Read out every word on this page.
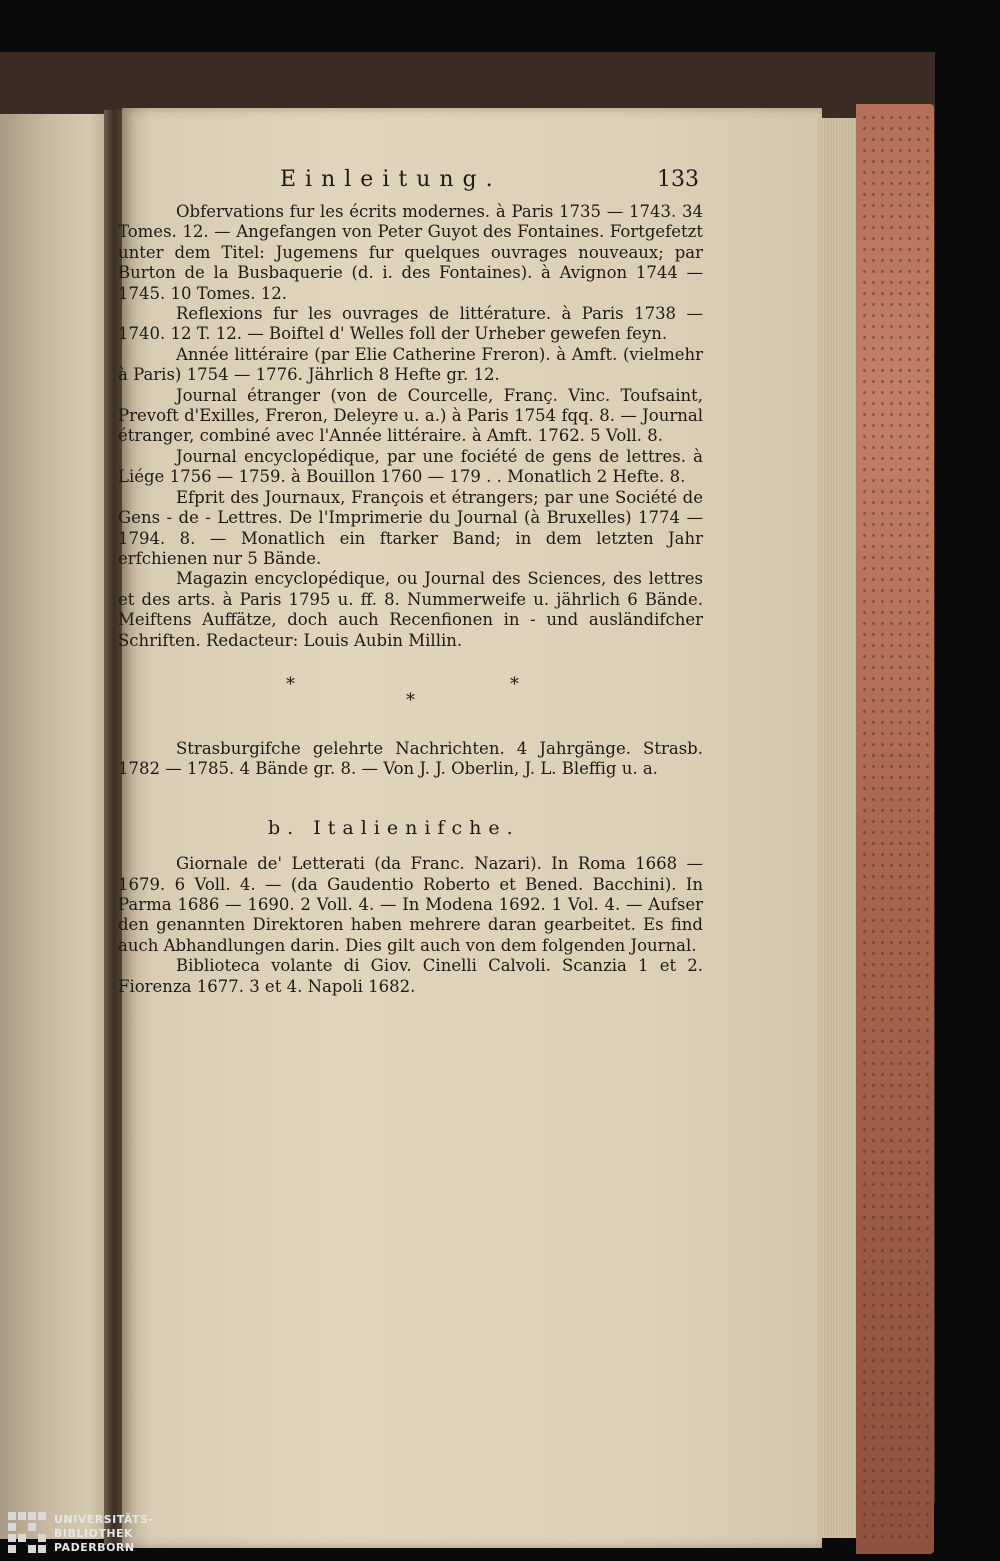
Einleitung.	133

Obfervations fur les écrits modernes. à Paris 1735 — 1743. 34 Tomes. 12. — Angefangen von Peter Guyot des Fontaines. Fortgefetzt unter dem Titel: Jugemens fur quelques ouvrages nouveaux; par Burton de la Busbaquerie (d. i. des Fontaines). à Avignon 1744 — 1745. 10 Tomes. 12.

Reflexions fur les ouvrages de littérature. à Paris 1738 — 1740. 12 T. 12. — Boiftel d' Welles foll der Urheber gewefen feyn.

Année littéraire (par Elie Catherine Freron). à Amft. (vielmehr à Paris) 1754 — 1776. Jährlich 8 Hefte gr. 12.

Journal étranger (von de Courcelle, Franç. Vinc. Toufsaint, Prevoft d'Exilles, Freron, Deleyre u. a.) à Paris 1754 fqq. 8. — Journal étranger, combiné avec l'Année littéraire. à Amft. 1762. 5 Voll. 8.

Journal encyclopédique, par une fociété de gens de lettres. à Liége 1756 — 1759. à Bouillon 1760 — 179 . . Monatlich 2 Hefte. 8.

Efprit des Journaux, François et étrangers; par une Société de Gens - de - Lettres. De l'Imprimerie du Journal (à Bruxelles) 1774 — 1794. 8. — Monatlich ein ftarker Band; in dem letzten Jahr erfchienen nur 5 Bände.

Magazin encyclopédique, ou Journal des Sciences, des lettres et des arts. à Paris 1795 u. ff. 8. Nummerweife u. jährlich 6 Bände. Meiftens Auffätze, doch auch Recenfionen in - und ausländifcher Schriften. Redacteur: Louis Aubin Millin.

*
*
*

Strasburgifche gelehrte Nachrichten. 4 Jahrgänge. Strasb. 1782 — 1785. 4 Bände gr. 8. — Von J. J. Oberlin, J. L. Bleffig u. a.

b. Italienifche.

Giornale de' Letterati (da Franc. Nazari). In Roma 1668 — 1679. 6 Voll. 4. — (da Gaudentio Roberto et Bened. Bacchini). In Parma 1686 — 1690. 2 Voll. 4. — In Modena 1692. 1 Vol. 4. — Aufser den genannten Direktoren haben mehrere daran gearbeitet. Es find auch Abhandlungen darin. Dies gilt auch von dem folgenden Journal.

Biblioteca volante di Giov. Cinelli Calvoli. Scanzia 1 et 2. Fiorenza 1677. 3 et 4. Napoli 1682.

UNIVERSITÄTS-
BIBLIOTHEK
PADERBORN
